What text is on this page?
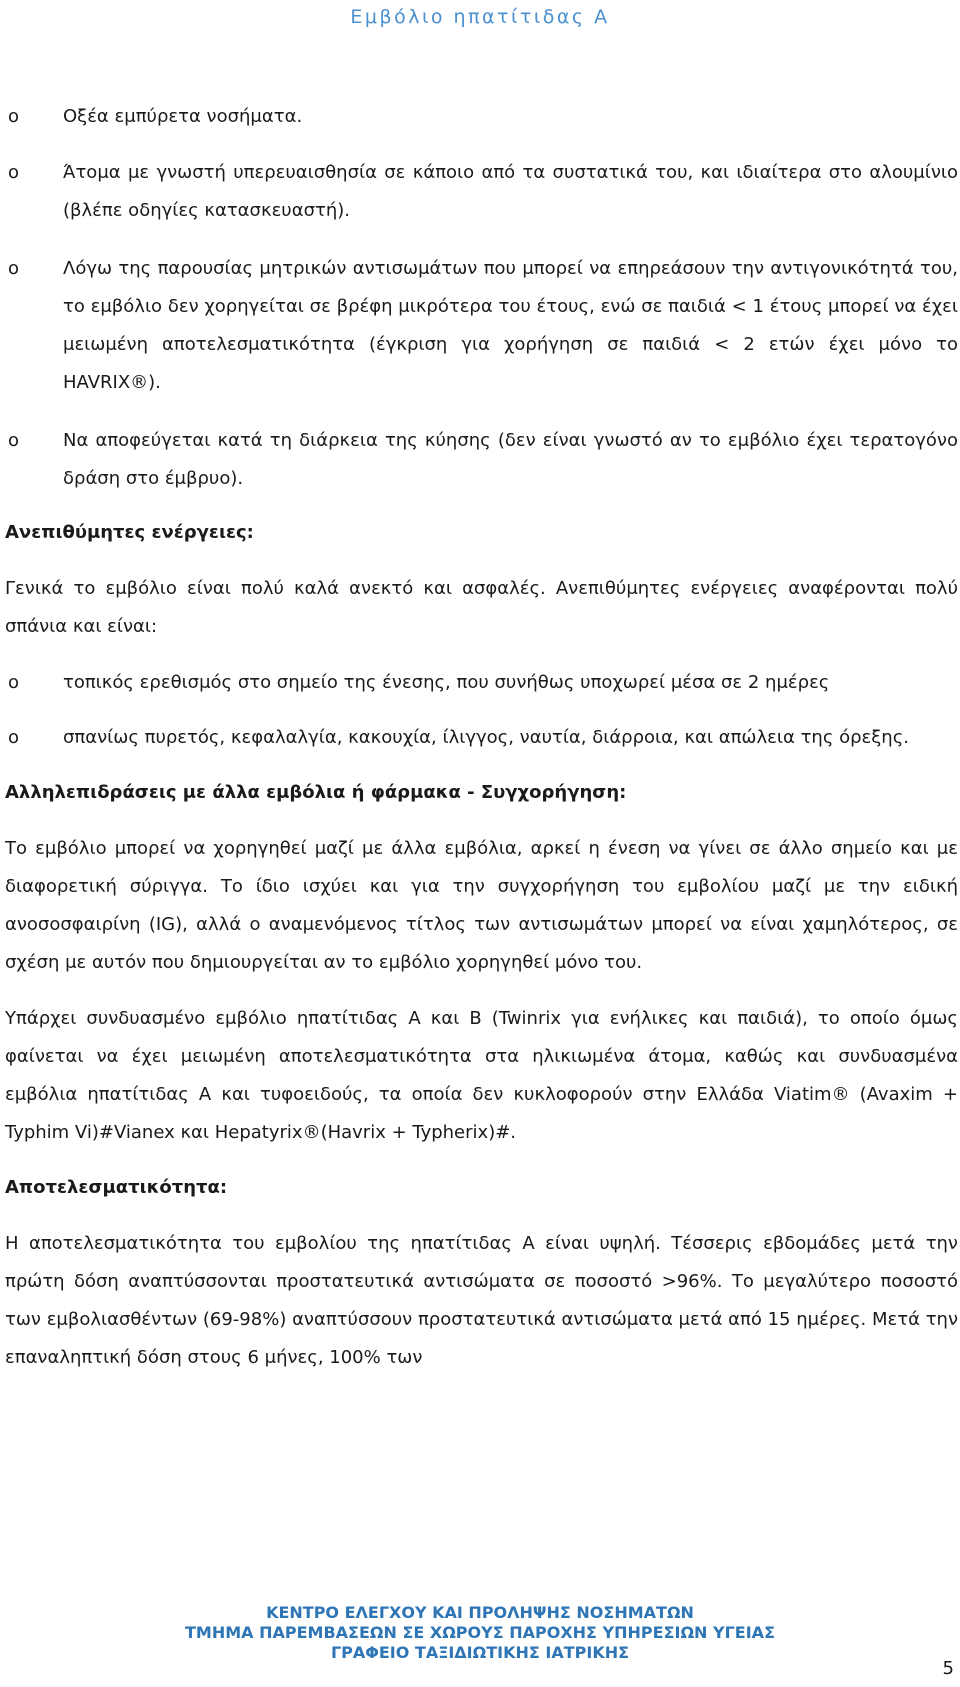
Εμβόλιο ηπατίτιδας Α
o Οξέα εμπύρετα νοσήματα.
o Άτομα με γνωστή υπερευαισθησία σε κάποιο από τα συστατικά του, και ιδιαίτερα στο αλουμίνιο (βλέπε οδηγίες κατασκευαστή).
o Λόγω της παρουσίας μητρικών αντισωμάτων που μπορεί να επηρεάσουν την αντιγονικότητά του, το εμβόλιο δεν χορηγείται σε βρέφη μικρότερα του έτους, ενώ σε παιδιά < 1 έτους μπορεί να έχει μειωμένη αποτελεσματικότητα (έγκριση για χορήγηση σε παιδιά < 2 ετών έχει μόνο το HAVRIX®).
o Να αποφεύγεται κατά τη διάρκεια της κύησης (δεν είναι γνωστό αν το εμβόλιο έχει τερατογόνο δράση στο έμβρυο).
Ανεπιθύμητες ενέργειες:

Γενικά το εμβόλιο είναι πολύ καλά ανεκτό και ασφαλές. Ανεπιθύμητες ενέργειες αναφέρονται πολύ σπάνια και είναι:

o τοπικός ερεθισμός στο σημείο της ένεσης, που συνήθως υποχωρεί μέσα σε 2 ημέρες
o σπανίως πυρετός, κεφαλαλγία, κακουχία, ίλιγγος, ναυτία, διάρροια, και απώλεια της όρεξης.
Αλληλεπιδράσεις με άλλα εμβόλια ή φάρμακα - Συγχορήγηση:

Το εμβόλιο μπορεί να χορηγηθεί μαζί με άλλα εμβόλια, αρκεί η ένεση να γίνει σε άλλο σημείο και με διαφορετική σύριγγα. Το ίδιο ισχύει και για την συγχορήγηση του εμβολίου μαζί με την ειδική ανοσοσφαιρίνη (IG), αλλά ο αναμενόμενος τίτλος των αντισωμάτων μπορεί να είναι χαμηλότερος, σε σχέση με αυτόν που δημιουργείται αν το εμβόλιο χορηγηθεί μόνο του.

Υπάρχει συνδυασμένο εμβόλιο ηπατίτιδας Α και Β (Twinrix για ενήλικες και παιδιά), το οποίο όμως φαίνεται να έχει μειωμένη αποτελεσματικότητα στα ηλικιωμένα άτομα, καθώς και συνδυασμένα εμβόλια ηπατίτιδας Α και τυφοειδούς, τα οποία δεν κυκλοφορούν στην Ελλάδα Viatim® (Avaxim + Typhim Vi)#Vianex και Hepatyrix®(Havrix + Typherix)#.

Αποτελεσματικότητα:

Η αποτελεσματικότητα του εμβολίου της ηπατίτιδας Α είναι υψηλή. Τέσσερις εβδομάδες μετά την πρώτη δόση αναπτύσσονται προστατευτικά αντισώματα σε ποσοστό >96%. Το μεγαλύτερο ποσοστό των εμβολιασθέντων (69-98%) αναπτύσσουν προστατευτικά αντισώματα μετά από 15 ημέρες. Μετά την επαναληπτική δόση στους 6 μήνες, 100% των

ΚΕΝΤΡΟ ΕΛΕΓΧΟΥ ΚΑΙ ΠΡΟΛΗΨΗΣ ΝΟΣΗΜΑΤΩΝ
ΤΜΗΜΑ ΠΑΡΕΜΒΑΣΕΩΝ ΣΕ ΧΩΡΟΥΣ ΠΑΡΟΧΗΣ ΥΠΗΡΕΣΙΩΝ ΥΓΕΙΑΣ
ΓΡΑΦΕΙΟ ΤΑΞΙΔΙΩΤΙΚΗΣ ΙΑΤΡΙΚΗΣ
5
